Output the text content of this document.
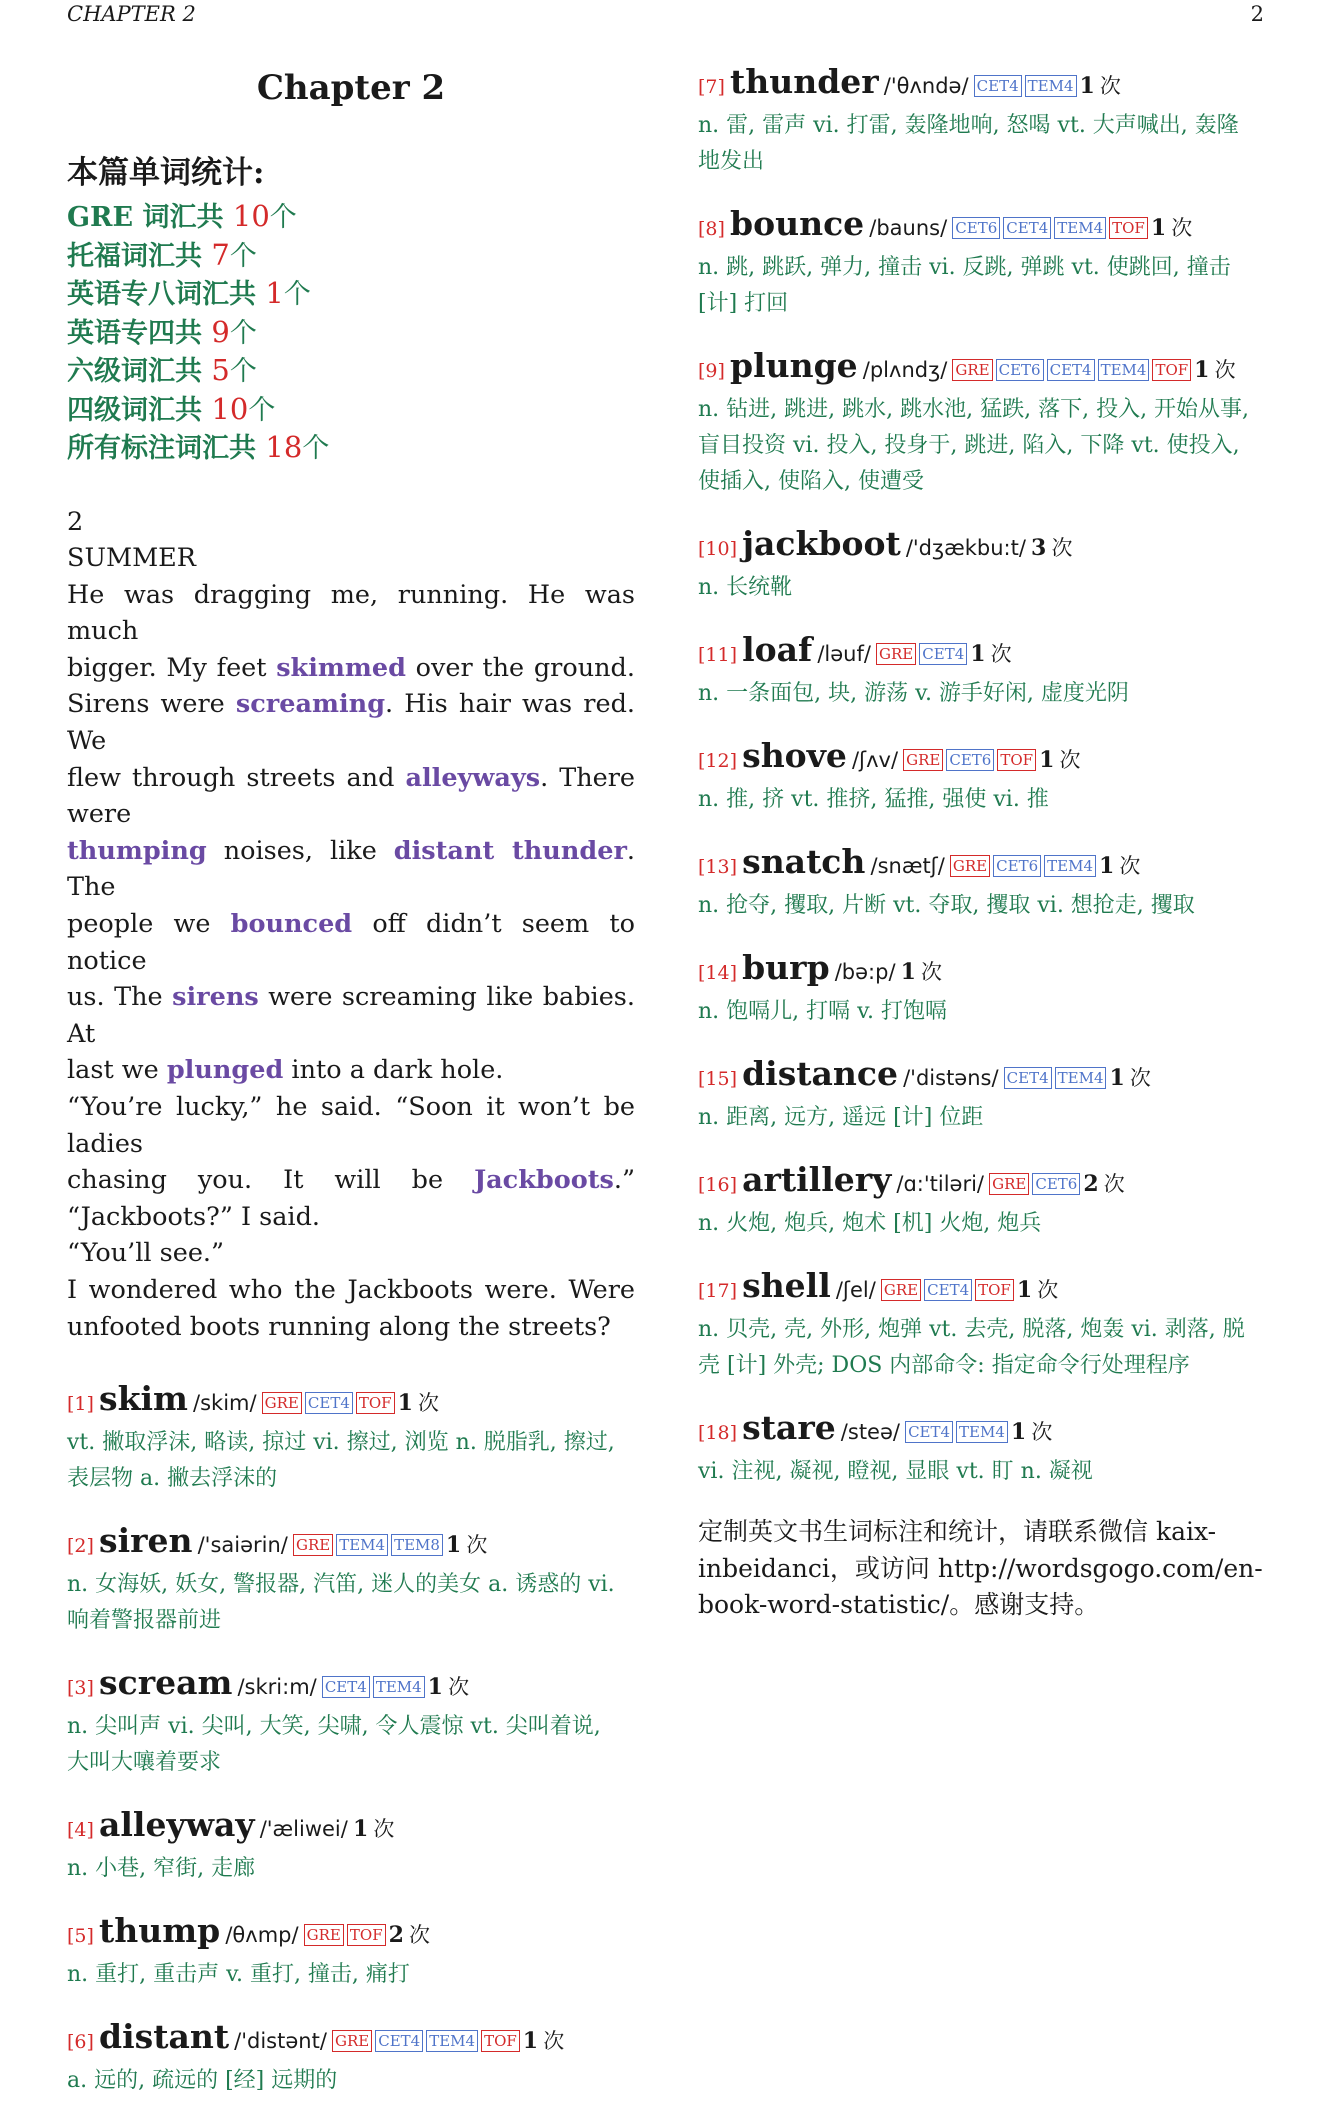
CHAPTER 2	2
Chapter 2
本篇单词统计:
GRE 词汇共 10个
托福词汇共 7个
英语专八词汇共 1个
英语专四共 9个
六级词汇共 5个
四级词汇共 10个
所有标注词汇共 18个
2
SUMMER
He was dragging me, running. He was much
bigger. My feet skimmed over the ground.
Sirens were screaming. His hair was red. We
flew through streets and alleyways. There were
thumping noises, like distant thunder. The
people we bounced off didn’t seem to notice
us. The sirens were screaming like babies. At
last we plunged into a dark hole.
“You’re lucky,” he said. “Soon it won’t be ladies
chasing you. It will be Jackboots.”
“Jackboots?” I said.
“You’ll see.”
I wondered who the Jackboots were. Were
unfooted boots running along the streets?
[1] skim /skim/ GRE CET4 TOF 1 次
vt. 撇取浮沫, 略读, 掠过 vi. 擦过, 浏览 n. 脱脂乳, 擦过,
表层物 a. 撇去浮沫的
[2] siren /'saiərin/ GRE TEM4 TEM8 1 次
n. 女海妖, 妖女, 警报器, 汽笛, 迷人的美女 a. 诱惑的 vi.
响着警报器前进
[3] scream /skri:m/ CET4 TEM4 1 次
n. 尖叫声 vi. 尖叫, 大笑, 尖啸, 令人震惊 vt. 尖叫着说,
大叫大嚷着要求
[4] alleyway /'æliwei/ 1 次
n. 小巷, 窄街, 走廊
[5] thump /θʌmp/ GRE TOF 2 次
n. 重打, 重击声 v. 重打, 撞击, 痛打
[6] distant /'distənt/ GRE CET4 TEM4 TOF 1 次
a. 远的, 疏远的 [经] 远期的
[7] thunder /'θʌndə/ CET4 TEM4 1 次
n. 雷, 雷声 vi. 打雷, 轰隆地响, 怒喝 vt. 大声喊出, 轰隆
地发出
[8] bounce /bauns/ CET6 CET4 TEM4 TOF 1 次
n. 跳, 跳跃, 弹力, 撞击 vi. 反跳, 弹跳 vt. 使跳回, 撞击
[计] 打回
[9] plunge /plʌndʒ/ GRE CET6 CET4 TEM4 TOF 1 次
n. 钻进, 跳进, 跳水, 跳水池, 猛跌, 落下, 投入, 开始从事,
盲目投资 vi. 投入, 投身于, 跳进, 陷入, 下降 vt. 使投入,
使插入, 使陷入, 使遭受
[10] jackboot /'dʒækbu:t/ 3 次
n. 长统靴
[11] loaf /ləuf/ GRE CET4 1 次
n. 一条面包, 块, 游荡 v. 游手好闲, 虚度光阴
[12] shove /ʃʌv/ GRE CET6 TOF 1 次
n. 推, 挤 vt. 推挤, 猛推, 强使 vi. 推
[13] snatch /snætʃ/ GRE CET6 TEM4 1 次
n. 抢夺, 攫取, 片断 vt. 夺取, 攫取 vi. 想抢走, 攫取
[14] burp /bə:p/ 1 次
n. 饱嗝儿, 打嗝 v. 打饱嗝
[15] distance /'distəns/ CET4 TEM4 1 次
n. 距离, 远方, 遥远 [计] 位距
[16] artillery /ɑ:'tiləri/ GRE CET6 2 次
n. 火炮, 炮兵, 炮术 [机] 火炮, 炮兵
[17] shell /ʃel/ GRE CET4 TOF 1 次
n. 贝壳, 壳, 外形, 炮弹 vt. 去壳, 脱落, 炮轰 vi. 剥落, 脱
壳 [计] 外壳; DOS 内部命令: 指定命令行处理程序
[18] stare /steə/ CET4 TEM4 1 次
vi. 注视, 凝视, 瞪视, 显眼 vt. 盯 n. 凝视
定制英文书生词标注和统计，请联系微信 kaix-
inbeidanci，或访问 http://wordsgogo.com/en-
book-word-statistic/。感谢支持。
